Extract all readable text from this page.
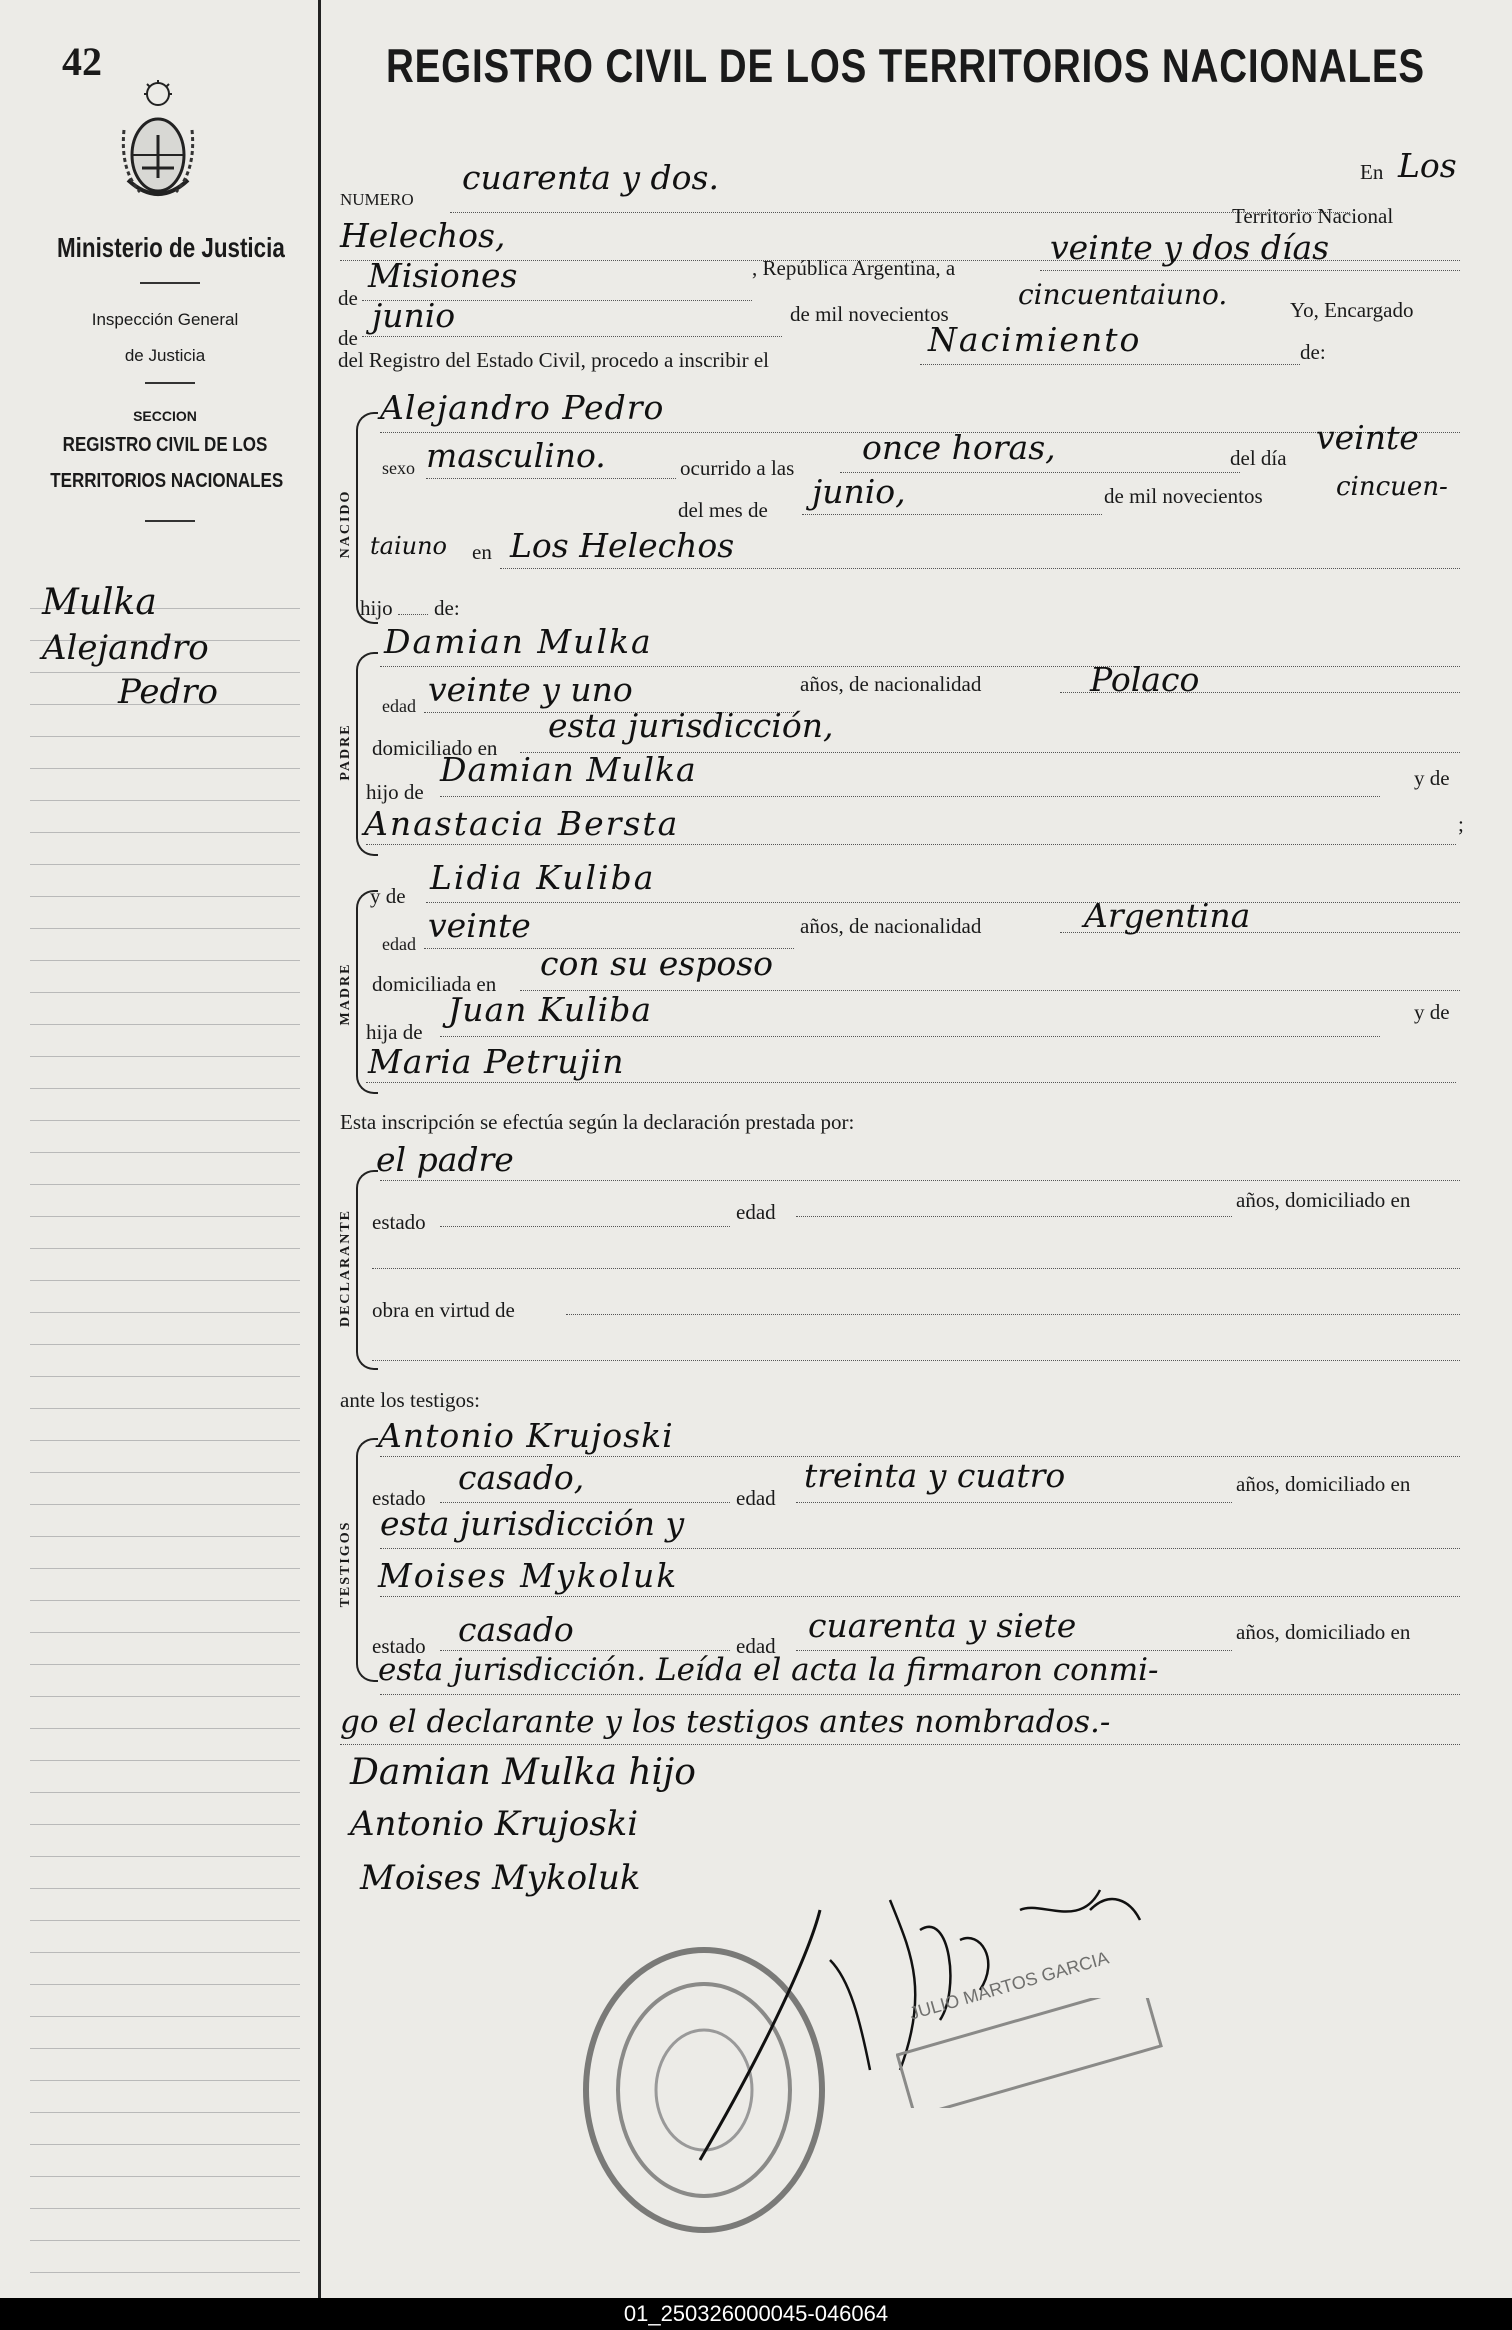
42
Ministerio de Justicia
Inspección General
de Justicia
SECCION
REGISTRO CIVIL DE LOS
TERRITORIOS NACIONALES
Mulka
Alejandro
Pedro
REGISTRO CIVIL DE LOS TERRITORIOS NACIONALES
NUMERO
cuarenta y dos.	En Los
Territorio Nacional
Helechos,
de
Misiones	, República Argentina, a
veinte y dos días
de
junio	de mil novecientos
cincuentaiuno.	Yo, Encargado
del Registro del Estado Civil, procedo a inscribir el
Nacimiento	de:
NACIDO
Alejandro Pedro
sexo masculino.	ocurrido a las
once horas,	del día
veinte
del mes de junio,	de mil novecientos	cincuen-
taiuno en Los Helechos
hijo de:
PADRE
Damian Mulka
edad veinte y uno	años, de nacionalidad	Polaco
domiciliado en
esta jurisdicción,
hijo de
Damian Mulka	y de
Anastacia Bersta	;
MADRE
y de Lidia Kuliba
edad veinte	años, de nacionalidad	Argentina
domiciliada en
con su esposo
hija de
Juan Kuliba	y de
Maria Petrujin
Esta inscripción se efectúa según la declaración prestada por:
DECLARANTE
el padre
estado	edad	años, domiciliado en
obra en virtud de
ante los testigos:
TESTIGOS
Antonio Krujoski
estado
casado,
edad
treinta y cuatro	años, domiciliado en
esta jurisdicción y
Moises Mykoluk
estado casado	edad
cuarenta y siete	años, domiciliado en
esta jurisdicción. Leída el acta la firmaron conmi-
go el declarante y los testigos antes nombrados.-
Damian Mulka hijo
Antonio Krujoski
Moises Mykoluk
JULIO MARTOS GARCIA
01_250326000045-046064
